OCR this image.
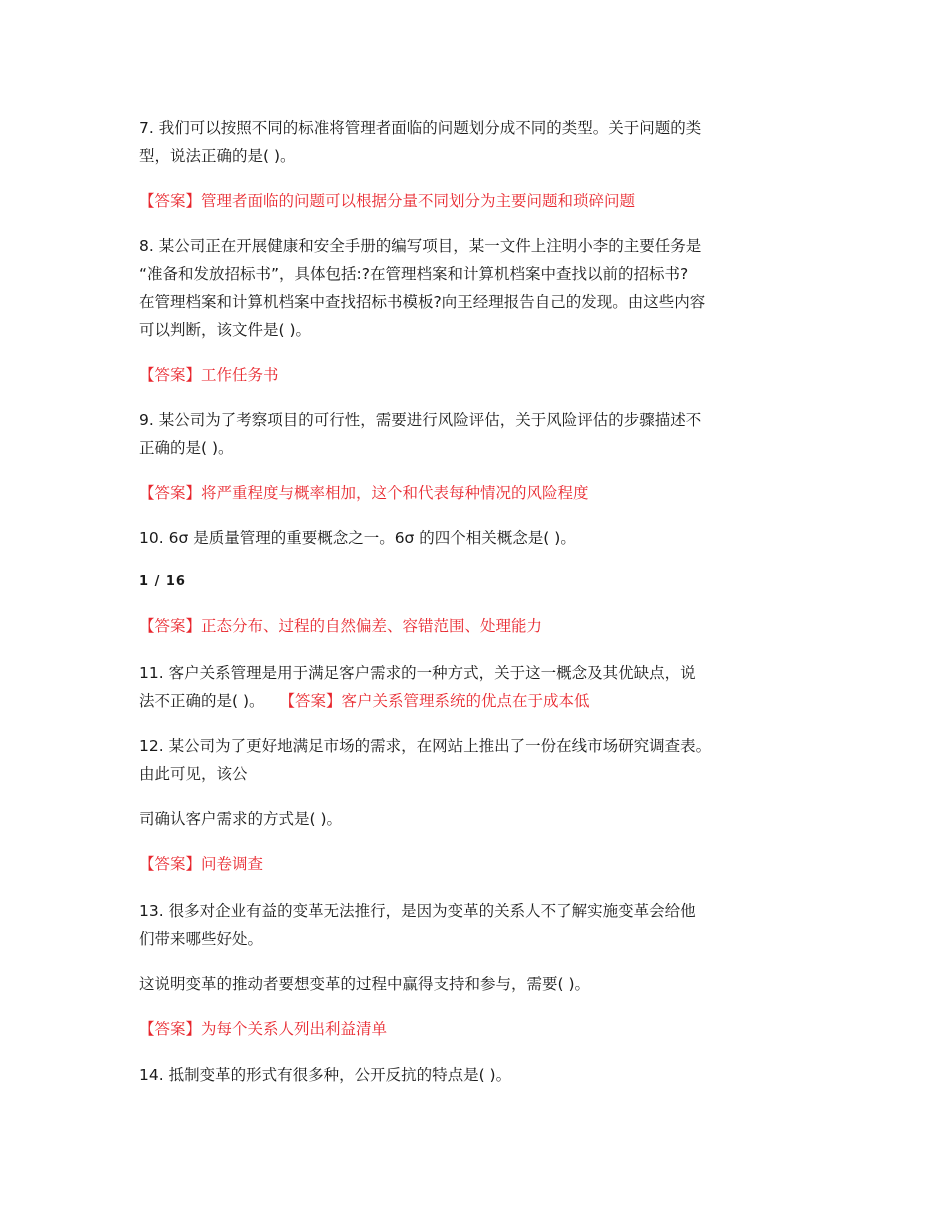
7. 我们可以按照不同的标准将管理者面临的问题划分成不同的类型。关于问题的类
型，说法正确的是( )。
【答案】管理者面临的问题可以根据分量不同划分为主要问题和琐碎问题
8. 某公司正在开展健康和安全手册的编写项目，某一文件上注明小李的主要任务是
“准备和发放招标书”，具体包括:?在管理档案和计算机档案中查找以前的招标书?
在管理档案和计算机档案中查找招标书模板?向王经理报告自己的发现。由这些内容
可以判断，该文件是( )。
【答案】工作任务书
9. 某公司为了考察项目的可行性，需要进行风险评估，关于风险评估的步骤描述不
正确的是( )。
【答案】将严重程度与概率相加，这个和代表每种情况的风险程度
10. 6σ 是质量管理的重要概念之一。6σ 的四个相关概念是( )。
1 / 16
【答案】正态分布、过程的自然偏差、容错范围、处理能力
11. 客户关系管理是用于满足客户需求的一种方式，关于这一概念及其优缺点，说
法不正确的是( )。 【答案】客户关系管理系统的优点在于成本低
12. 某公司为了更好地满足市场的需求，在网站上推出了一份在线市场研究调查表。
由此可见，该公
司确认客户需求的方式是( )。
【答案】问卷调查
13. 很多对企业有益的变革无法推行，是因为变革的关系人不了解实施变革会给他
们带来哪些好处。
这说明变革的推动者要想变革的过程中赢得支持和参与，需要( )。
【答案】为每个关系人列出利益清单
14. 抵制变革的形式有很多种，公开反抗的特点是( )。
